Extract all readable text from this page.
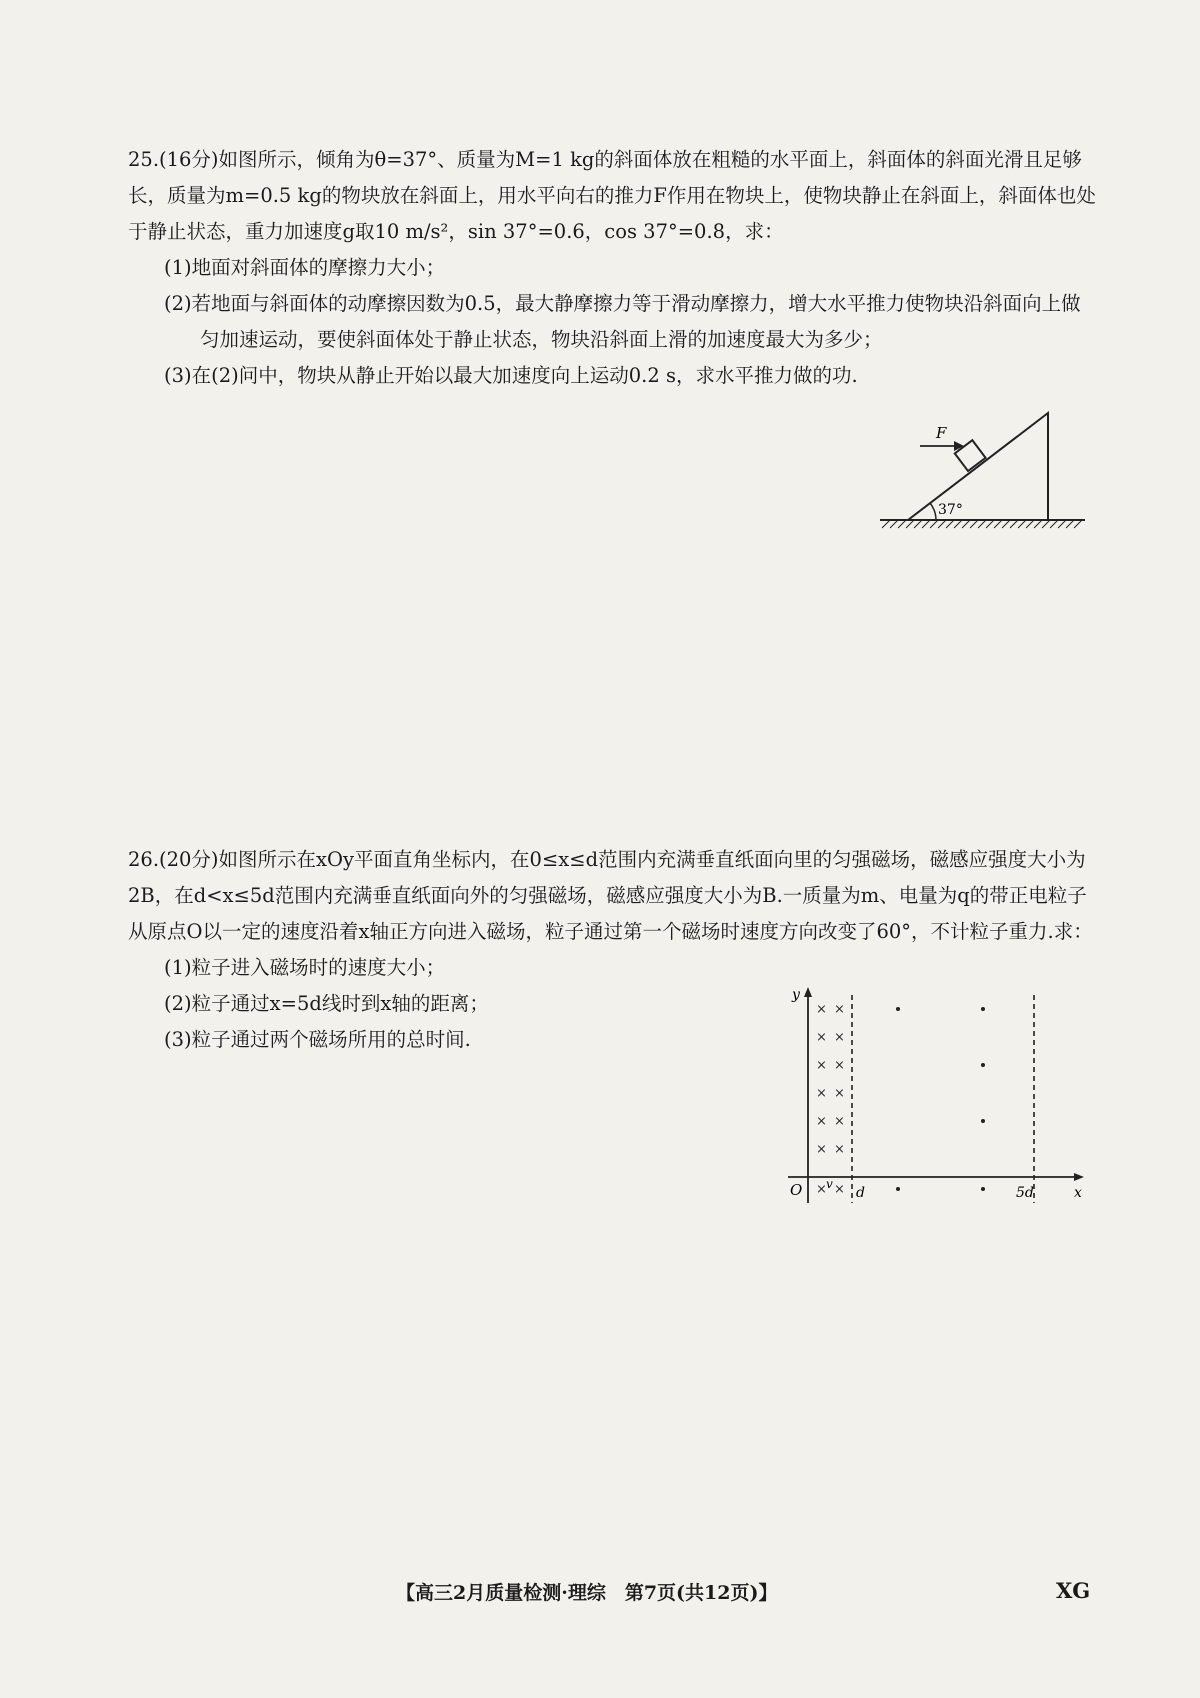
25.(16分)如图所示，倾角为θ=37°、质量为M=1 kg的斜面体放在粗糙的水平面上，斜面体的斜面光滑且足够长，质量为m=0.5 kg的物块放在斜面上，用水平向右的推力F作用在物块上，使物块静止在斜面上，斜面体也处于静止状态，重力加速度g取10 m/s²，sin 37°=0.6，cos 37°=0.8，求：

(1)地面对斜面体的摩擦力大小；

(2)若地面与斜面体的动摩擦因数为0.5，最大静摩擦力等于滑动摩擦力，增大水平推力使物块沿斜面向上做匀加速运动，要使斜面体处于静止状态，物块沿斜面上滑的加速度最大为多少；

(3)在(2)问中，物块从静止开始以最大加速度向上运动0.2 s，求水平推力做的功.

37°
F

26.(20分)如图所示在xOy平面直角坐标内，在0≤x≤d范围内充满垂直纸面向里的匀强磁场，磁感应强度大小为2B，在d<x≤5d范围内充满垂直纸面向外的匀强磁场，磁感应强度大小为B.一质量为m、电量为q的带正电粒子从原点O以一定的速度沿着x轴正方向进入磁场，粒子通过第一个磁场时速度方向改变了60°，不计粒子重力.求：

(1)粒子进入磁场时的速度大小；

(2)粒子通过x=5d线时到x轴的距离；

(3)粒子通过两个磁场所用的总时间.

y
x
O	d	5d
× ×
× ×
× ×
× ×
× ×
× ×
× ×
v
【高三2月质量检测·理综　第7页(共12页)】	XG
